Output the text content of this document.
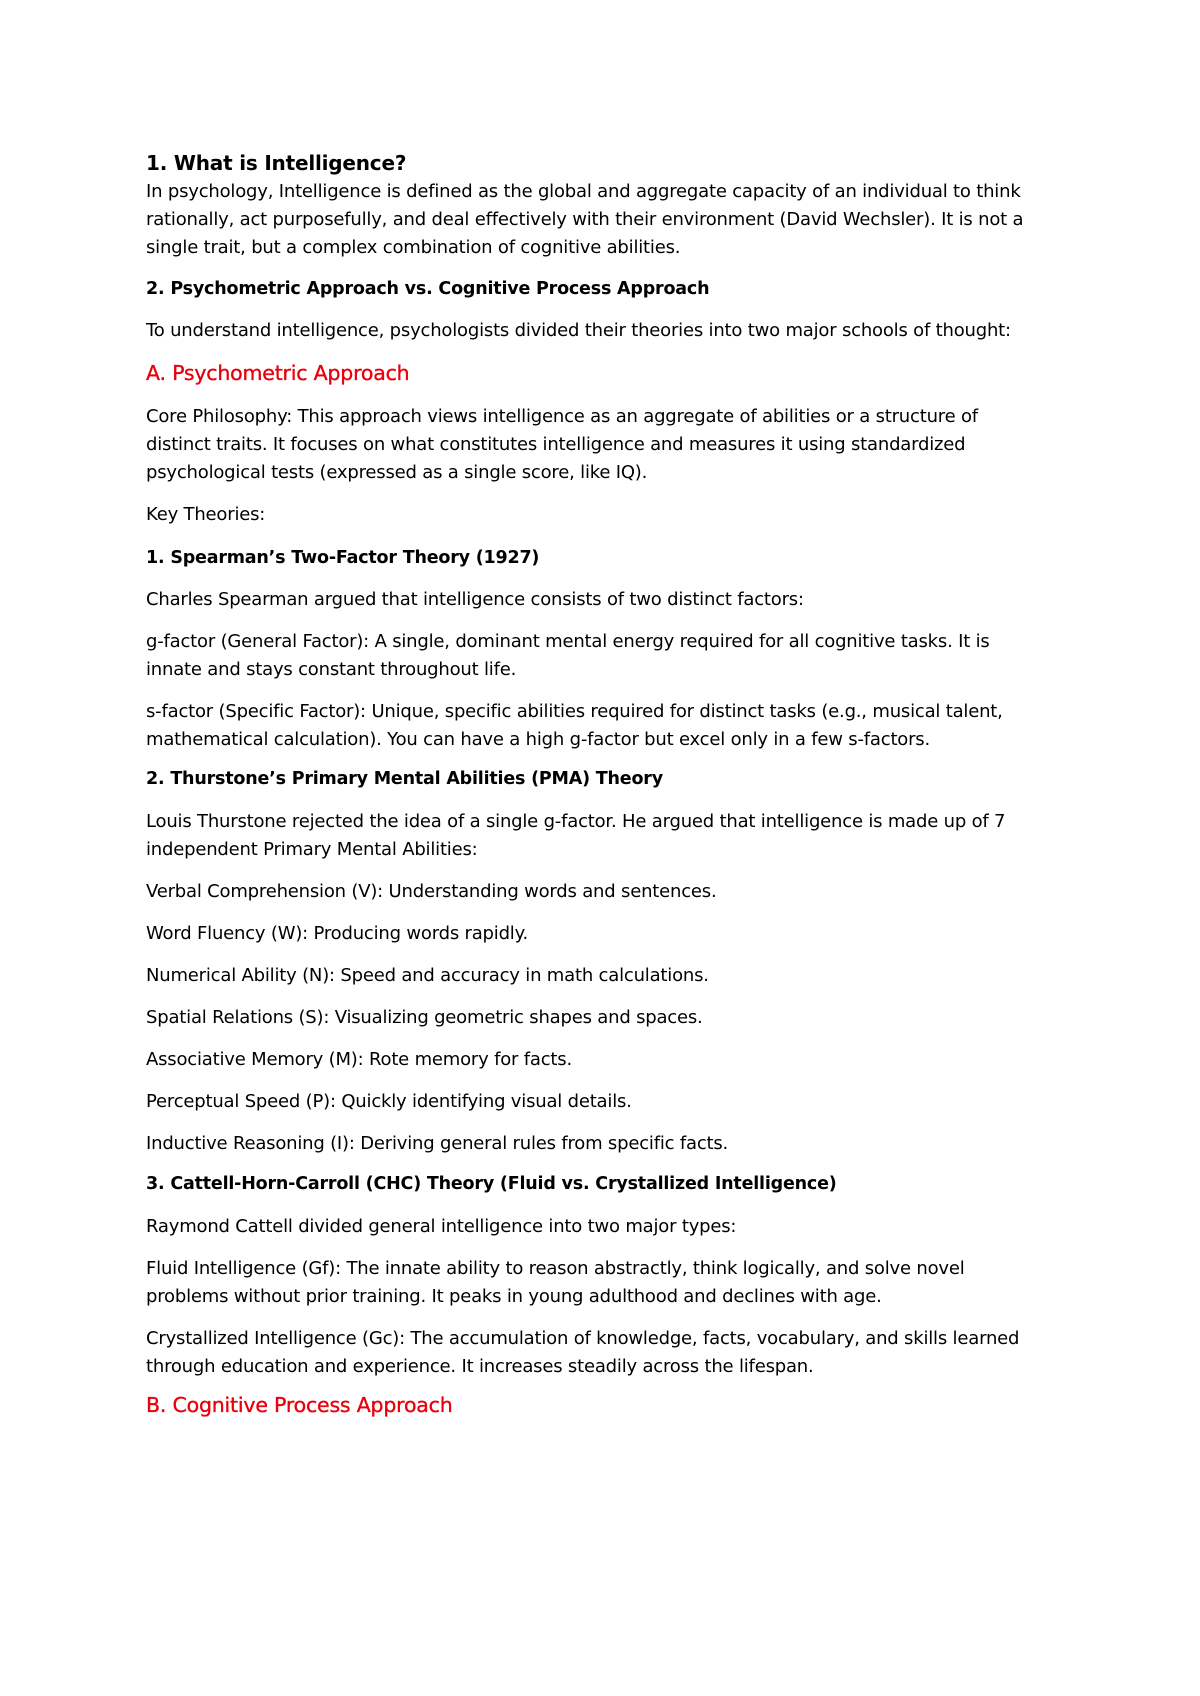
1. What is Intelligence?
In psychology, Intelligence is defined as the global and aggregate capacity of an individual to think
rationally, act purposefully, and deal effectively with their environment (David Wechsler). It is not a
single trait, but a complex combination of cognitive abilities.
2. Psychometric Approach vs. Cognitive Process Approach
To understand intelligence, psychologists divided their theories into two major schools of thought:
A. Psychometric Approach
Core Philosophy: This approach views intelligence as an aggregate of abilities or a structure of
distinct traits. It focuses on what constitutes intelligence and measures it using standardized
psychological tests (expressed as a single score, like IQ).
Key Theories:
1. Spearman’s Two-Factor Theory (1927)
Charles Spearman argued that intelligence consists of two distinct factors:
g-factor (General Factor): A single, dominant mental energy required for all cognitive tasks. It is
innate and stays constant throughout life.
s-factor (Specific Factor): Unique, specific abilities required for distinct tasks (e.g., musical talent,
mathematical calculation). You can have a high g-factor but excel only in a few s-factors.
2. Thurstone’s Primary Mental Abilities (PMA) Theory
Louis Thurstone rejected the idea of a single g-factor. He argued that intelligence is made up of 7
independent Primary Mental Abilities:
Verbal Comprehension (V): Understanding words and sentences.
Word Fluency (W): Producing words rapidly.
Numerical Ability (N): Speed and accuracy in math calculations.
Spatial Relations (S): Visualizing geometric shapes and spaces.
Associative Memory (M): Rote memory for facts.
Perceptual Speed (P): Quickly identifying visual details.
Inductive Reasoning (I): Deriving general rules from specific facts.
3. Cattell-Horn-Carroll (CHC) Theory (Fluid vs. Crystallized Intelligence)
Raymond Cattell divided general intelligence into two major types:
Fluid Intelligence (Gf): The innate ability to reason abstractly, think logically, and solve novel
problems without prior training. It peaks in young adulthood and declines with age.
Crystallized Intelligence (Gc): The accumulation of knowledge, facts, vocabulary, and skills learned
through education and experience. It increases steadily across the lifespan.
B. Cognitive Process Approach
